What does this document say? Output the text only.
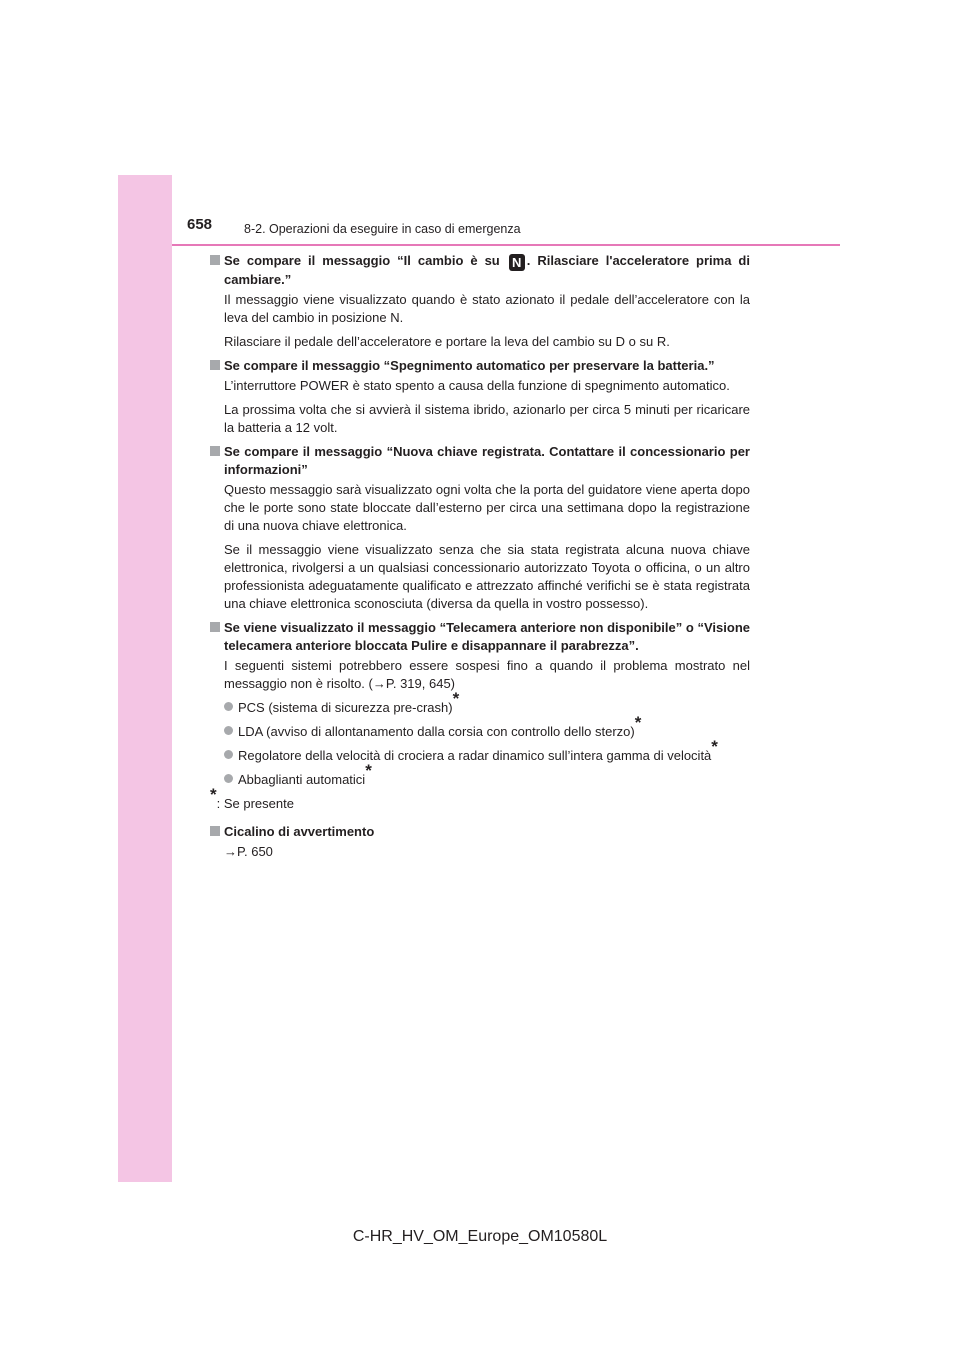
658	8-2. Operazioni da eseguire in caso di emergenza
Se compare il messaggio “Il cambio è su N . Rilasciare l'acceleratore prima di cambiare.”

Il messaggio viene visualizzato quando è stato azionato il pedale dell’acceleratore con la leva del cambio in posizione N.

Rilasciare il pedale dell’acceleratore e portare la leva del cambio su D o su R.

Se compare il messaggio “Spegnimento automatico per preservare la batteria.”

L’interruttore POWER è stato spento a causa della funzione di spegnimento automatico.

La prossima volta che si avvierà il sistema ibrido, azionarlo per circa 5 minuti per ricaricare la batteria a 12 volt.

Se compare il messaggio “Nuova chiave registrata. Contattare il concessionario per informazioni”

Questo messaggio sarà visualizzato ogni volta che la porta del guidatore viene aperta dopo che le porte sono state bloccate dall’esterno per circa una settimana dopo la registrazione di una nuova chiave elettronica.

Se il messaggio viene visualizzato senza che sia stata registrata alcuna nuova chiave elettronica, rivolgersi a un qualsiasi concessionario autorizzato Toyota o officina, o un altro professionista adeguatamente qualificato e attrezzato affinché verifichi se è stata registrata una chiave elettronica sconosciuta (diversa da quella in vostro possesso).

Se viene visualizzato il messaggio “Telecamera anteriore non disponibile” o “Visione telecamera anteriore bloccata Pulire e disappannare il parabrezza”.

I seguenti sistemi potrebbero essere sospesi fino a quando il problema mostrato nel messaggio non è risolto. (→P. 319, 645)

PCS (sistema di sicurezza pre-crash)*
LDA (avviso di allontanamento dalla corsia con controllo dello sterzo)*
Regolatore della velocità di crociera a radar dinamico sull’intera gamma di velocità*
Abbaglianti automatici*
*: Se presente
Cicalino di avvertimento

→P. 650

C-HR_HV_OM_Europe_OM10580L
